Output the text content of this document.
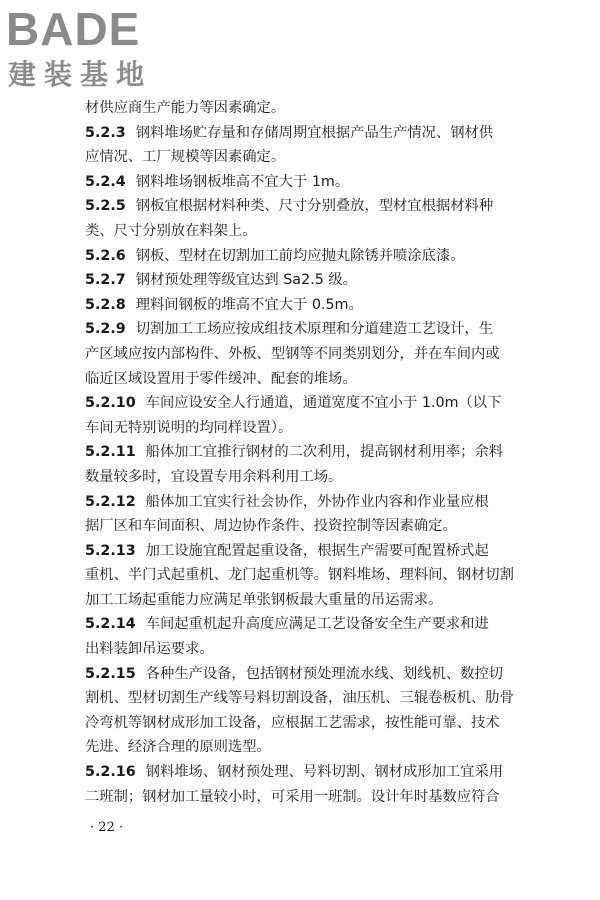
BADE
建装基地
材供应商生产能力等因素确定。
5.2.3 钢料堆场贮存量和存储周期宜根据产品生产情况、钢材供
应情况、工厂规模等因素确定。
5.2.4 钢料堆场钢板堆高不宜大于 1m。
5.2.5 钢板宜根据材料种类、尺寸分别叠放，型材宜根据材料种
类、尺寸分别放在料架上。
5.2.6 钢板、型材在切割加工前均应抛丸除锈并喷涂底漆。
5.2.7 钢材预处理等级宜达到 Sa2.5 级。
5.2.8 理料间钢板的堆高不宜大于 0.5m。
5.2.9 切割加工工场应按成组技术原理和分道建造工艺设计，生
产区域应按内部构件、外板、型钢等不同类别划分，并在车间内或
临近区域设置用于零件缓冲、配套的堆场。
5.2.10 车间应设安全人行通道，通道宽度不宜小于 1.0m（以下
车间无特别说明的均同样设置）。
5.2.11 船体加工宜推行钢材的二次利用，提高钢材利用率；余料
数量较多时，宜设置专用余料利用工场。
5.2.12 船体加工宜实行社会协作，外协作业内容和作业量应根
据厂区和车间面积、周边协作条件、投资控制等因素确定。
5.2.13 加工设施宜配置起重设备，根据生产需要可配置桥式起
重机、半门式起重机、龙门起重机等。钢料堆场、理料间、钢材切割
加工工场起重能力应满足单张钢板最大重量的吊运需求。
5.2.14 车间起重机起升高度应满足工艺设备安全生产要求和进
出料装卸吊运要求。
5.2.15 各种生产设备，包括钢材预处理流水线、划线机、数控切
割机、型材切割生产线等号料切割设备，油压机、三辊卷板机、肋骨
冷弯机等钢材成形加工设备，应根据工艺需求，按性能可靠、技术
先进、经济合理的原则选型。
5.2.16 钢料堆场、钢材预处理、号料切割、钢材成形加工宜采用
二班制；钢材加工量较小时，可采用一班制。设计年时基数应符合
· 22 ·
